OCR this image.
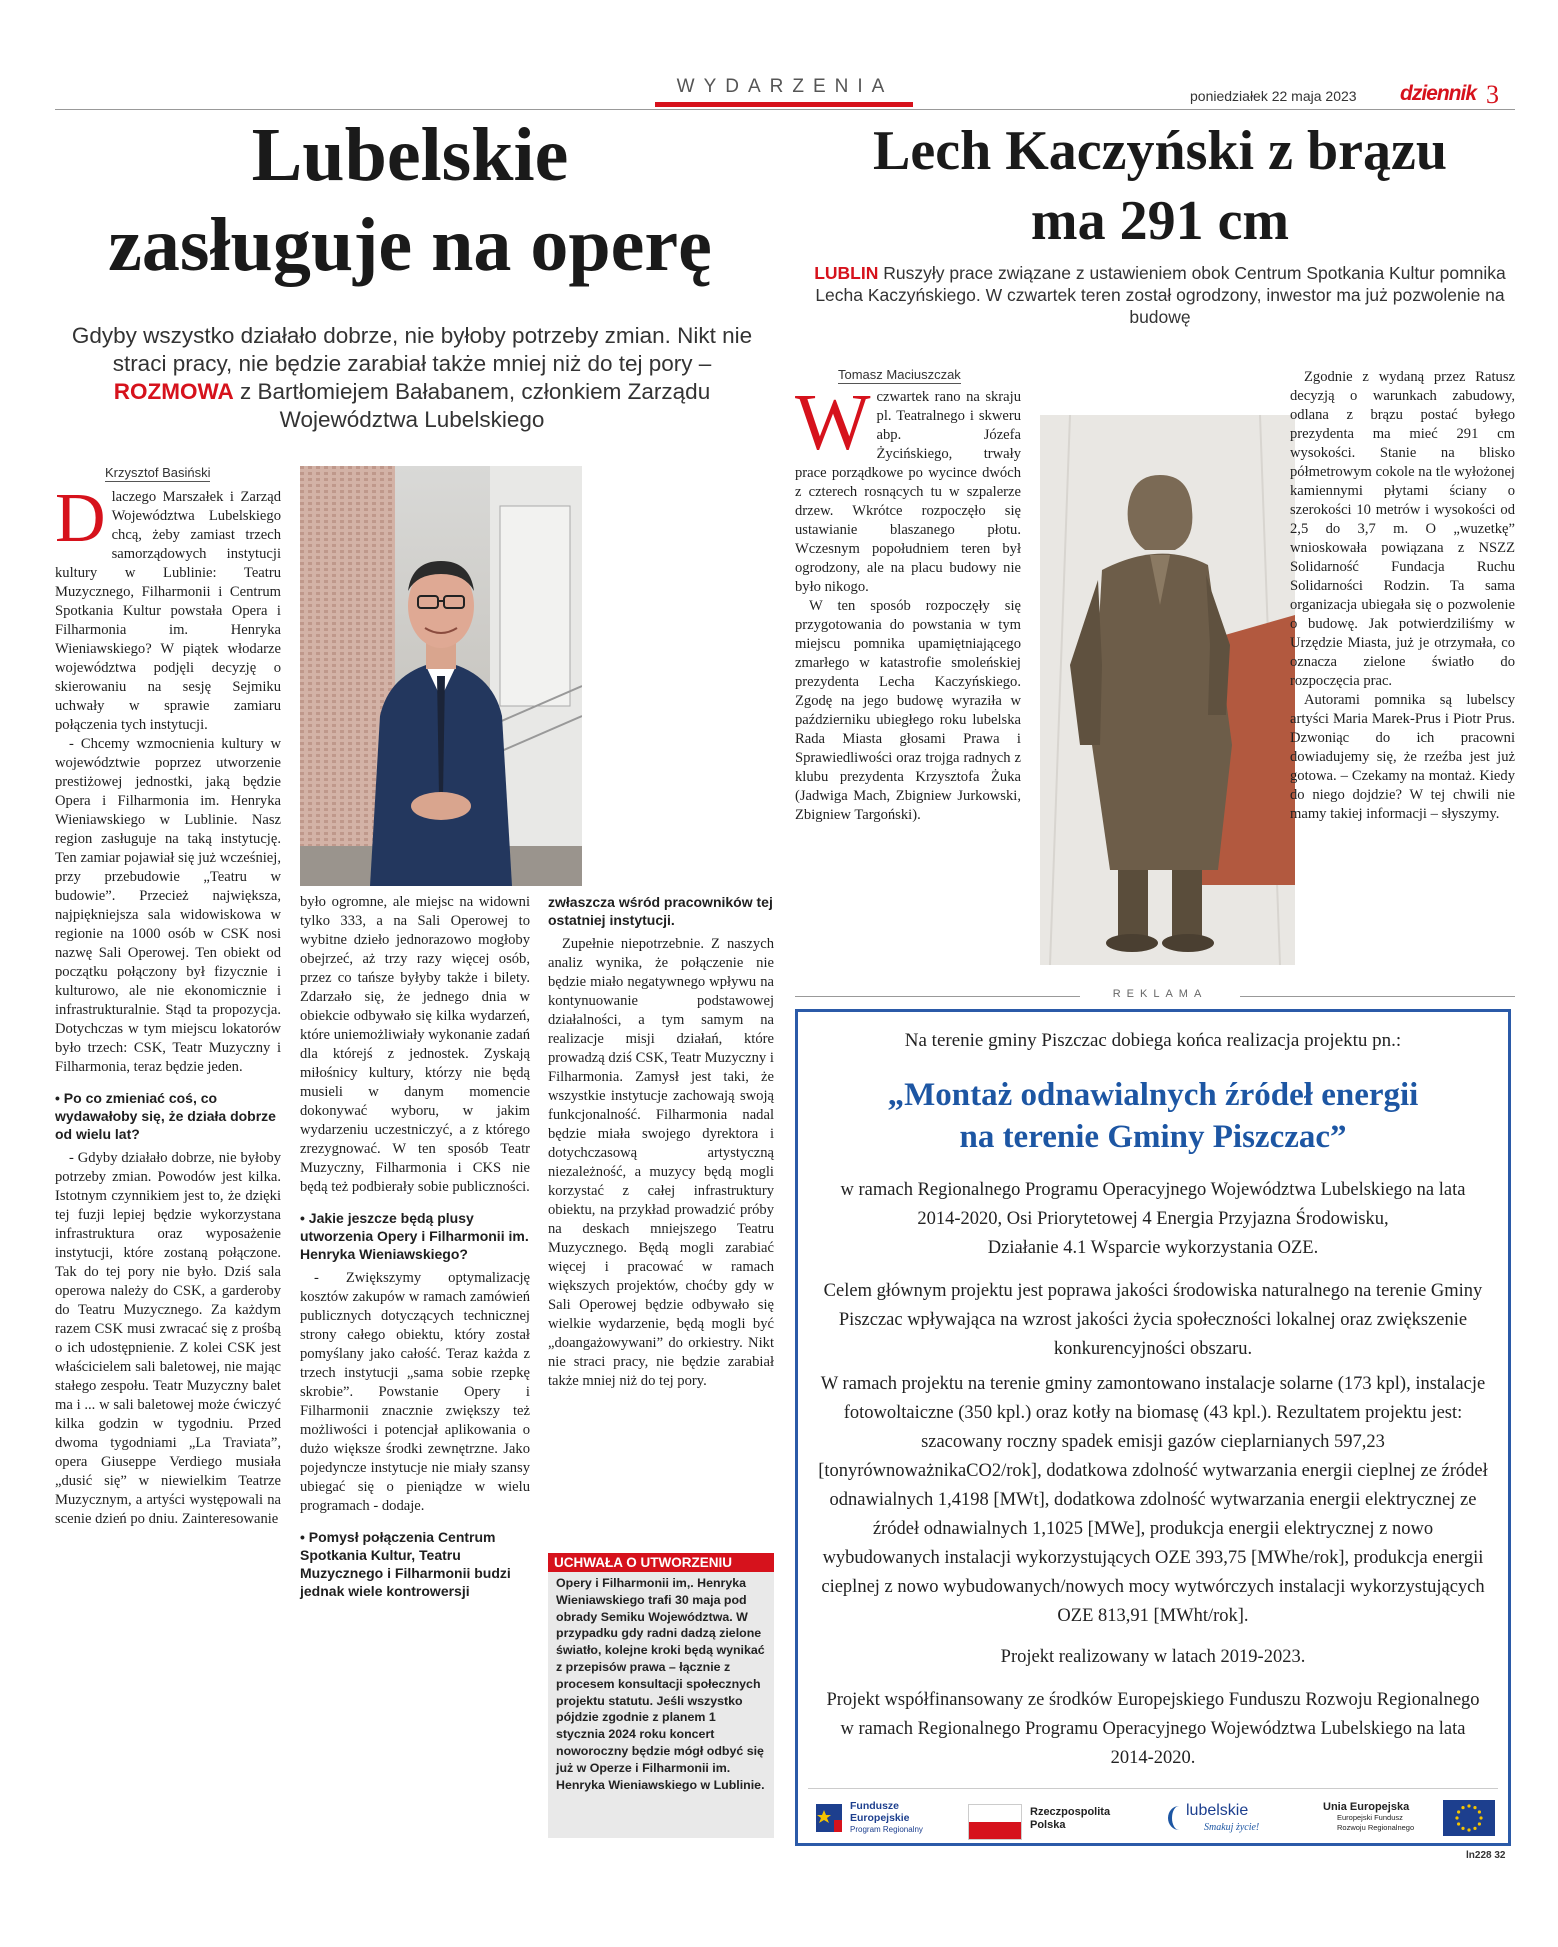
WYDARZENIA	poniedziałek 22 maja 2023 dziennik 3
Lubelskie
zasługuje na operę
Gdyby wszystko działało dobrze, nie byłoby potrzeby zmian. Nikt nie straci pracy, nie będzie zarabiał także mniej niż do tej pory – ROZMOWA z Bartłomiejem Bałabanem, członkiem Zarządu Województwa Lubelskiego
Krzysztof Basiński

Dlaczego Marszałek i Zarząd Województwa Lubelskiego chcą, żeby zamiast trzech samorządowych instytucji kultury w Lublinie: Teatru Muzycznego, Filharmonii i Centrum Spotkania Kultur powstała Opera i Filharmonia im. Henryka Wieniawskiego? W piątek włodarze województwa podjęli decyzję o skierowaniu na sesję Sejmiku uchwały w sprawie zamiaru połączenia tych instytucji.

- Chcemy wzmocnienia kultury w województwie poprzez utworzenie prestiżowej jednostki, jaką będzie Opera i Filharmonia im. Henryka Wieniawskiego w Lublinie. Nasz region zasługuje na taką instytucję. Ten zamiar pojawiał się już wcześniej, przy przebudowie „Teatru w budowie”. Przecież największa, najpiękniejsza sala widowiskowa w regionie na 1000 osób w CSK nosi nazwę Sali Operowej. Ten obiekt od początku połączony był fizycznie i kulturowo, ale nie ekonomicznie i infrastrukturalnie. Stąd ta propozycja. Dotychczas w tym miejscu lokatorów było trzech: CSK, Teatr Muzyczny i Filharmonia, teraz będzie jeden.

• Po co zmieniać coś, co wydawałoby się, że działa dobrze od wielu lat?

- Gdyby działało dobrze, nie byłoby potrzeby zmian. Powodów jest kilka. Istotnym czynnikiem jest to, że dzięki tej fuzji lepiej będzie wykorzystana infrastruktura oraz wyposażenie instytucji, które zostaną połączone. Tak do tej pory nie było. Dziś sala operowa należy do CSK, a garderoby do Teatru Muzycznego. Za każdym razem CSK musi zwracać się z prośbą o ich udostępnienie. Z kolei CSK jest właścicielem sali baletowej, nie mając stałego zespołu. Teatr Muzyczny balet ma i ... w sali baletowej może ćwiczyć kilka godzin w tygodniu. Przed dwoma tygodniami „La Traviata”, opera Giuseppe Verdiego musiała „dusić się” w niewielkim Teatrze Muzycznym, a artyści występowali na scenie dzień po dniu. Zainteresowanie

było ogromne, ale miejsc na widowni tylko 333, a na Sali Operowej to wybitne dzieło jednorazowo mogłoby obejrzeć, aż trzy razy więcej osób, przez co tańsze byłyby także i bilety. Zdarzało się, że jednego dnia w obiekcie odbywało się kilka wydarzeń, które uniemożliwiały wykonanie zadań dla którejś z jednostek. Zyskają miłośnicy kultury, którzy nie będą musieli w danym momencie dokonywać wyboru, w jakim wydarzeniu uczestniczyć, a z którego zrezygnować. W ten sposób Teatr Muzyczny, Filharmonia i CKS nie będą też podbierały sobie publiczności.

• Jakie jeszcze będą plusy utworzenia Opery i Filharmonii im. Henryka Wieniawskiego?

- Zwiększymy optymalizację kosztów zakupów w ramach zamówień publicznych dotyczących technicznej strony całego obiektu, który został pomyślany jako całość. Teraz każda z trzech instytucji „sama sobie rzepkę skrobie”. Powstanie Opery i Filharmonii znacznie zwiększy też możliwości i potencjał aplikowania o dużo większe środki zewnętrzne. Jako pojedyncze instytucje nie miały szansy ubiegać się o pieniądze w wielu programach - dodaje.

• Pomysł połączenia Centrum Spotkania Kultur, Teatru Muzycznego i Filharmonii budzi jednak wiele kontrowersji

zwłaszcza wśród pracowników tej ostatniej instytucji.

Zupełnie niepotrzebnie. Z naszych analiz wynika, że połączenie nie będzie miało negatywnego wpływu na kontynuowanie podstawowej działalności, a tym samym na realizacje misji działań, które prowadzą dziś CSK, Teatr Muzyczny i Filharmonia. Zamysł jest taki, że wszystkie instytucje zachowają swoją funkcjonalność. Filharmonia nadal będzie miała swojego dyrektora i dotychczasową artystyczną niezależność, a muzycy będą mogli korzystać z całej infrastruktury obiektu, na przykład prowadzić próby na deskach mniejszego Teatru Muzycznego. Będą mogli zarabiać więcej i pracować w ramach większych projektów, choćby gdy w Sali Operowej będzie odbywało się wielkie wydarzenie, będą mogli być „doangażowywani” do orkiestry. Nikt nie straci pracy, nie będzie zarabiał także mniej niż do tej pory.

UCHWAŁA O UTWORZENIU
Opery i Filharmonii im,. Henryka Wieniawskiego trafi 30 maja pod obrady Semiku Województwa. W przypadku gdy radni dadzą zielone światło, kolejne kroki będą wynikać z przepisów prawa – łącznie z procesem konsultacji społecznych projektu statutu. Jeśli wszystko pójdzie zgodnie z planem 1 stycznia 2024 roku koncert noworoczny będzie mógł odbyć się już w Operze i Filharmonii im. Henryka Wieniawskiego w Lublinie.
Lech Kaczyński z brązu
ma 291 cm
LUBLIN Ruszyły prace związane z ustawieniem obok Centrum Spotkania Kultur pomnika Lecha Kaczyńskiego. W czwartek teren został ogrodzony, inwestor ma już pozwolenie na budowę
Tomasz Maciuszczak

Wczwartek rano na skraju pl. Teatralnego i skweru abp. Józefa Życińskiego, trwały prace porządkowe po wycince dwóch z czterech rosnących tu w szpalerze drzew. Wkrótce rozpoczęło się ustawianie blaszanego płotu. Wczesnym popołudniem teren był ogrodzony, ale na placu budowy nie było nikogo.

W ten sposób rozpoczęły się przygotowania do powstania w tym miejscu pomnika upamiętniającego zmarłego w katastrofie smoleńskiej prezydenta Lecha Kaczyńskiego. Zgodę na jego budowę wyraziła w październiku ubiegłego roku lubelska Rada Miasta głosami Prawa i Sprawiedliwości oraz trojga radnych z klubu prezydenta Krzysztofa Żuka (Jadwiga Mach, Zbigniew Jurkowski, Zbigniew Targoński).

Zgodnie z wydaną przez Ratusz decyzją o warunkach zabudowy, odlana z brązu postać byłego prezydenta ma mieć 291 cm wysokości. Stanie na blisko półmetrowym cokole na tle wyłożonej kamiennymi płytami ściany o szerokości 10 metrów i wysokości od 2,5 do 3,7 m. O „wuzetkę” wnioskowała powiązana z NSZZ Solidarność Fundacja Ruchu Solidarności Rodzin. Ta sama organizacja ubiegała się o pozwolenie o budowę. Jak potwierdziliśmy w Urzędzie Miasta, już je otrzymała, co oznacza zielone światło do rozpoczęcia prac.

Autorami pomnika są lubelscy artyści Maria Marek-Prus i Piotr Prus. Dzwoniąc do ich pracowni dowiadujemy się, że rzeźba jest już gotowa. – Czekamy na montaż. Kiedy do niego dojdzie? W tej chwili nie mamy takiej informacji – słyszymy.

REKLAMA

Na terenie gminy Piszczac dobiega końca realizacja projektu pn.:

„Montaż odnawialnych źródeł energii
na terenie Gminy Piszczac”

w ramach Regionalnego Programu Operacyjnego Województwa Lubelskiego na lata 2014-2020, Osi Priorytetowej 4 Energia Przyjazna Środowisku,

Działanie 4.1 Wsparcie wykorzystania OZE.

Celem głównym projektu jest poprawa jakości środowiska naturalnego na terenie Gminy Piszczac wpływająca na wzrost jakości życia społeczności lokalnej oraz zwiększenie konkurencyjności obszaru.

W ramach projektu na terenie gminy zamontowano instalacje solarne (173 kpl), instalacje fotowoltaiczne (350 kpl.) oraz kotły na biomasę (43 kpl.). Rezultatem projektu jest: szacowany roczny spadek emisji gazów cieplarnianych 597,23 [tonyrównoważnikaCO2/rok], dodatkowa zdolność wytwarzania energii cieplnej ze źródeł odnawialnych 1,4198 [MWt], dodatkowa zdolność wytwarzania energii elektrycznej ze źródeł odnawialnych 1,1025 [MWe], produkcja energii elektrycznej z nowo wybudowanych instalacji wykorzystujących OZE 393,75 [MWhe/rok], produkcja energii cieplnej z nowo wybudowanych/nowych mocy wytwórczych instalacji wykorzystujących OZE 813,91 [MWht/rok].

Projekt realizowany w latach 2019-2023.

Projekt współfinansowany ze środków Europejskiego Funduszu Rozwoju Regionalnego w ramach Regionalnego Programu Operacyjnego Województwa Lubelskiego na lata 2014-2020.

Fundusze
Europejskie
Program Regionalny
Rzeczpospolita
Polska
lubelskie
Smakuj życie!
Unia Europejska
Europejski Fundusz
Rozwoju Regionalnego
ln228 32
